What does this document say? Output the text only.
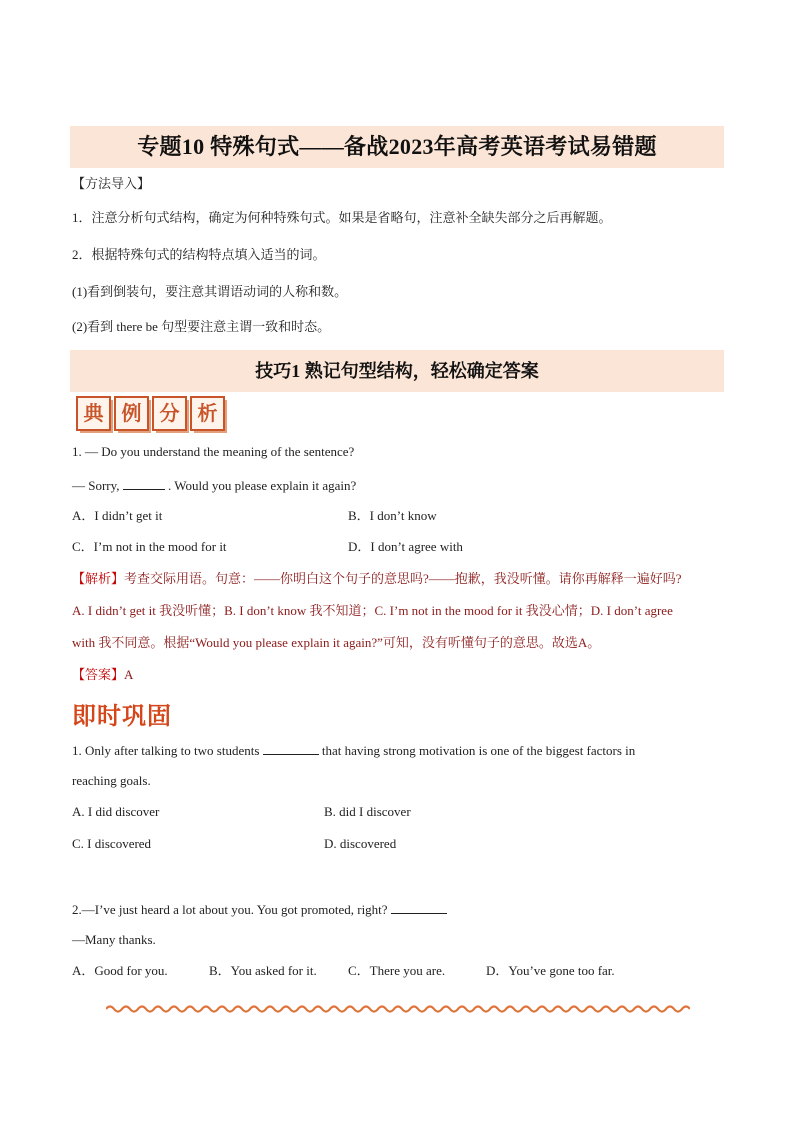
专题10 特殊句式——备战2023年高考英语考试易错题
【方法导入】
1．注意分析句式结构，确定为何种特殊句式。如果是省略句，注意补全缺失部分之后再解题。
2．根据特殊句式的结构特点填入适当的词。
(1)看到倒装句，要注意其谓语动词的人称和数。
(2)看到 there be 句型要注意主谓一致和时态。
技巧1 熟记句型结构，轻松确定答案
典 例 分 析
1. — Do you understand the meaning of the sentence?
— Sorry,	. Would you please explain it again?
A．I didn’t get it	B．I don’t know
C．I’m not in the mood for it	D．I don’t agree with
【解析】考查交际用语。句意：——你明白这个句子的意思吗?——抱歉，我没听懂。请你再解释一遍好吗?
A. I didn’t get it 我没听懂；B. I don’t know 我不知道；C. I’m not in the mood for it 我没心情；D. I don’t agree
with 我不同意。根据“Would you please explain it again?”可知，没有听懂句子的意思。故选A。
【答案】A
即时巩固
1. Only after talking to two students	that having strong motivation is one of the biggest factors in
reaching goals.
A. I did discover	B. did I discover
C. I discovered	D. discovered
2.—I’ve just heard a lot about you. You got promoted, right?
—Many thanks.
A．Good for you.	B．You asked for it. C．There you are.	D．You’ve gone too far.
